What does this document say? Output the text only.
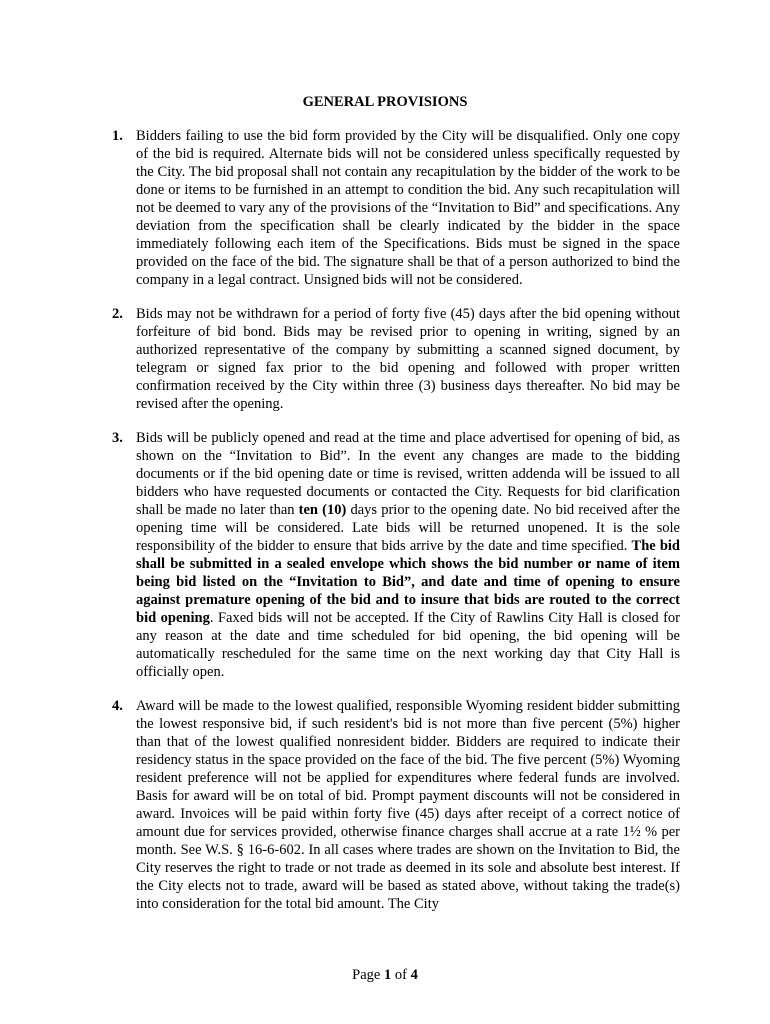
GENERAL PROVISIONS
1. Bidders failing to use the bid form provided by the City will be disqualified. Only one copy of the bid is required. Alternate bids will not be considered unless specifically requested by the City. The bid proposal shall not contain any recapitulation by the bidder of the work to be done or items to be furnished in an attempt to condition the bid. Any such recapitulation will not be deemed to vary any of the provisions of the “Invitation to Bid” and specifications. Any deviation from the specification shall be clearly indicated by the bidder in the space immediately following each item of the Specifications. Bids must be signed in the space provided on the face of the bid. The signature shall be that of a person authorized to bind the company in a legal contract. Unsigned bids will not be considered.

2. Bids may not be withdrawn for a period of forty five (45) days after the bid opening without forfeiture of bid bond. Bids may be revised prior to opening in writing, signed by an authorized representative of the company by submitting a scanned signed document, by telegram or signed fax prior to the bid opening and followed with proper written confirmation received by the City within three (3) business days thereafter. No bid may be revised after the opening.

3. Bids will be publicly opened and read at the time and place advertised for opening of bid, as shown on the “Invitation to Bid”. In the event any changes are made to the bidding documents or if the bid opening date or time is revised, written addenda will be issued to all bidders who have requested documents or contacted the City. Requests for bid clarification shall be made no later than ten (10) days prior to the opening date. No bid received after the opening time will be considered. Late bids will be returned unopened. It is the sole responsibility of the bidder to ensure that bids arrive by the date and time specified. The bid shall be submitted in a sealed envelope which shows the bid number or name of item being bid listed on the “Invitation to Bid”, and date and time of opening to ensure against premature opening of the bid and to insure that bids are routed to the correct bid opening. Faxed bids will not be accepted. If the City of Rawlins City Hall is closed for any reason at the date and time scheduled for bid opening, the bid opening will be automatically rescheduled for the same time on the next working day that City Hall is officially open.

4. Award will be made to the lowest qualified, responsible Wyoming resident bidder submitting the lowest responsive bid, if such resident's bid is not more than five percent (5%) higher than that of the lowest qualified nonresident bidder. Bidders are required to indicate their residency status in the space provided on the face of the bid. The five percent (5%) Wyoming resident preference will not be applied for expenditures where federal funds are involved. Basis for award will be on total of bid. Prompt payment discounts will not be considered in award. Invoices will be paid within forty five (45) days after receipt of a correct notice of amount due for services provided, otherwise finance charges shall accrue at a rate 1½ % per month. See W.S. § 16-6-602. In all cases where trades are shown on the Invitation to Bid, the City reserves the right to trade or not trade as deemed in its sole and absolute best interest. If the City elects not to trade, award will be based as stated above, without taking the trade(s) into consideration for the total bid amount. The City

Page 1 of 4
